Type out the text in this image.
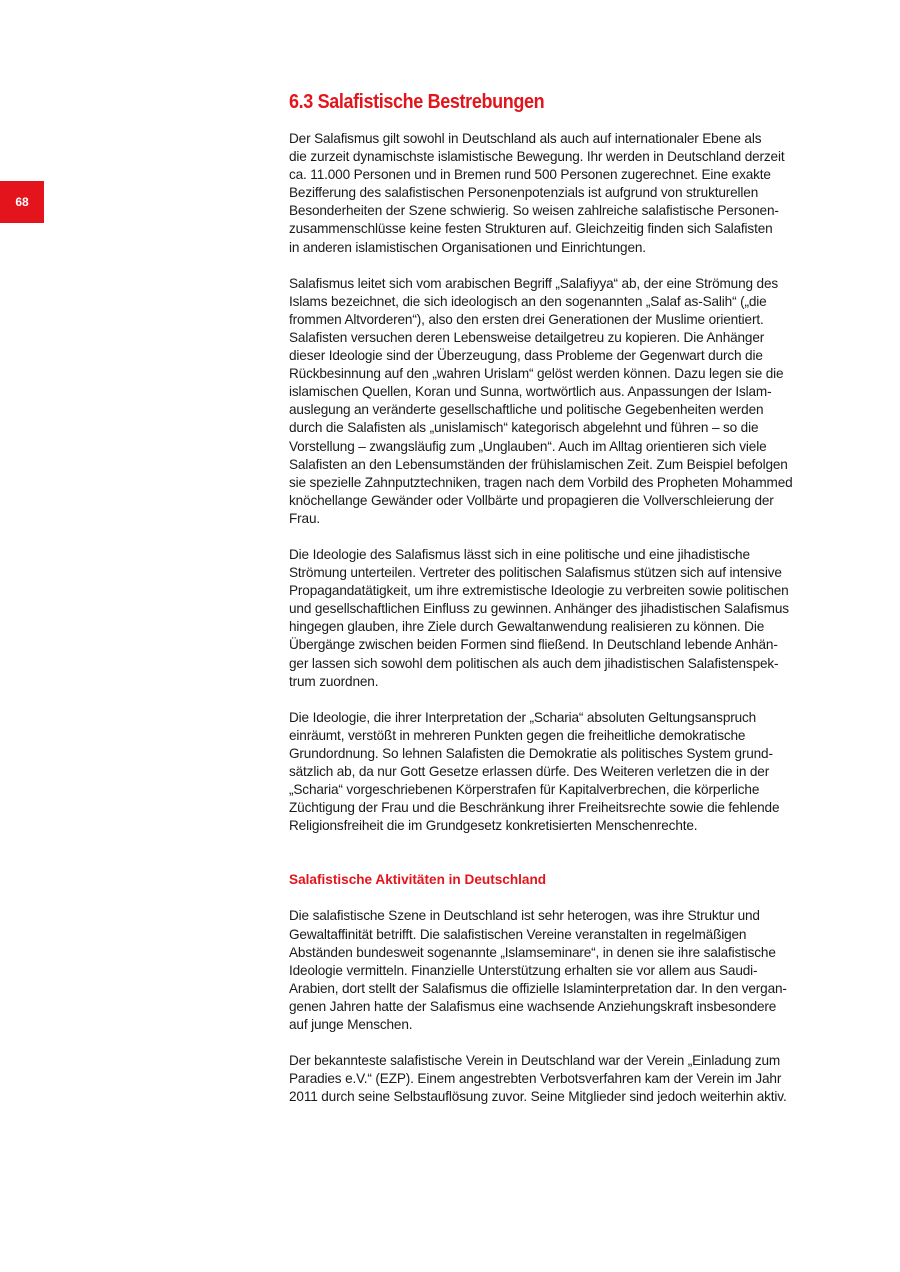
68
6.3 Salafistische Bestrebungen

Der Salafismus gilt sowohl in Deutschland als auch auf internationaler Ebene als
die zurzeit dynamischste islamistische Bewegung. Ihr werden in Deutschland derzeit
ca. 11.000 Personen und in Bremen rund 500 Personen zugerechnet. Eine exakte
Bezifferung des salafistischen Personenpotenzials ist aufgrund von strukturellen
Besonderheiten der Szene schwierig. So weisen zahlreiche salafistische Personen-
zusammenschlüsse keine festen Strukturen auf. Gleichzeitig finden sich Salafisten
in anderen islamistischen Organisationen und Einrichtungen.

Salafismus leitet sich vom arabischen Begriff „Salafiyya“ ab, der eine Strömung des
Islams bezeichnet, die sich ideologisch an den sogenannten „Salaf as-Salih“ („die
frommen Altvorderen“), also den ersten drei Generationen der Muslime orientiert.
Salafisten versuchen deren Lebensweise detailgetreu zu kopieren. Die Anhänger
dieser Ideologie sind der Überzeugung, dass Probleme der Gegenwart durch die
Rückbesinnung auf den „wahren Urislam“ gelöst werden können. Dazu legen sie die
islamischen Quellen, Koran und Sunna, wortwörtlich aus. Anpassungen der Islam-
auslegung an veränderte gesellschaftliche und politische Gegebenheiten werden
durch die Salafisten als „unislamisch“ kategorisch abgelehnt und führen – so die
Vorstellung – zwangsläufig zum „Unglauben“. Auch im Alltag orientieren sich viele
Salafisten an den Lebensumständen der frühislamischen Zeit. Zum Beispiel befolgen
sie spezielle Zahnputztechniken, tragen nach dem Vorbild des Propheten Mohammed
knöchellange Gewänder oder Vollbärte und propagieren die Vollverschleierung der
Frau.

Die Ideologie des Salafismus lässt sich in eine politische und eine jihadistische
Strömung unterteilen. Vertreter des politischen Salafismus stützen sich auf intensive
Propagandatätigkeit, um ihre extremistische Ideologie zu verbreiten sowie politischen
und gesellschaftlichen Einfluss zu gewinnen. Anhänger des jihadistischen Salafismus
hingegen glauben, ihre Ziele durch Gewaltanwendung realisieren zu können. Die
Übergänge zwischen beiden Formen sind fließend. In Deutschland lebende Anhän-
ger lassen sich sowohl dem politischen als auch dem jihadistischen Salafistenspek-
trum zuordnen.

Die Ideologie, die ihrer Interpretation der „Scharia“ absoluten Geltungsanspruch
einräumt, verstößt in mehreren Punkten gegen die freiheitliche demokratische
Grundordnung. So lehnen Salafisten die Demokratie als politisches System grund-
sätzlich ab, da nur Gott Gesetze erlassen dürfe. Des Weiteren verletzen die in der
„Scharia“ vorgeschriebenen Körperstrafen für Kapitalverbrechen, die körperliche
Züchtigung der Frau und die Beschränkung ihrer Freiheitsrechte sowie die fehlende
Religionsfreiheit die im Grundgesetz konkretisierten Menschenrechte.

Salafistische Aktivitäten in Deutschland

Die salafistische Szene in Deutschland ist sehr heterogen, was ihre Struktur und
Gewaltaffinität betrifft. Die salafistischen Vereine veranstalten in regelmäßigen
Abständen bundesweit sogenannte „Islamseminare“, in denen sie ihre salafistische
Ideologie vermitteln. Finanzielle Unterstützung erhalten sie vor allem aus Saudi-
Arabien, dort stellt der Salafismus die offizielle Islaminterpretation dar. In den vergan-
genen Jahren hatte der Salafismus eine wachsende Anziehungskraft insbesondere
auf junge Menschen.

Der bekannteste salafistische Verein in Deutschland war der Verein „Einladung zum
Paradies e.V.“ (EZP). Einem angestrebten Verbotsverfahren kam der Verein im Jahr
2011 durch seine Selbstauflösung zuvor. Seine Mitglieder sind jedoch weiterhin aktiv.
